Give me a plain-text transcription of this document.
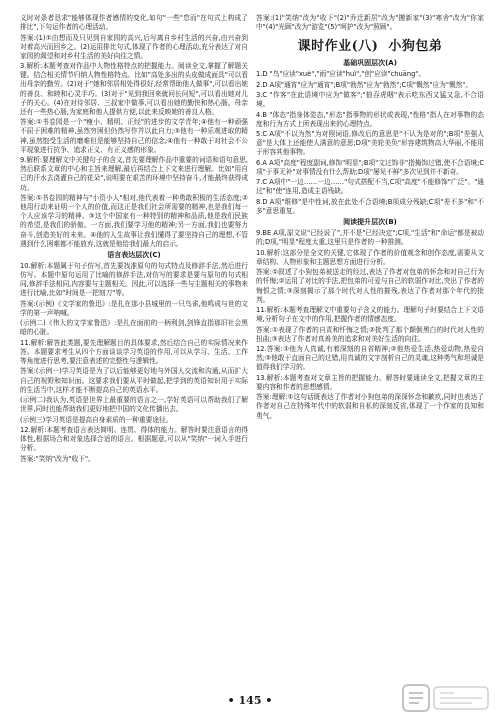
义时对条者恳求"能够体现作者感情的变化,如句"一些"怠而"在句式上构成了排比",下句运作者的心理活动。

答案:(1)①由想而及只见到自家园的高兴,后写离自乡村生活的兴奋,由兴奋到对着高兴而回乡之。(2)运用排比句式,体现了作者的心理活动,充分表达了对自家园的渴望和对乡村生活的美好向往之情。

3.解析:本题考查对作品中人物性格特点的把握能力。阅读全文,掌握了解题关键。结合相关情节归纳人物性格特点。比如"高处多出的头皮做成面具"可以看出母亲的勤劳。(2)对于"她和邻居相处得很好,经常帮助他人做事",可以看出她的善良、和睦和心灵手巧。(3)对于"见到我回来就问长问短",可以看出她对儿子的关心。(4)在对待邻居、三叔家中做事,可以看出她的勤快和热心肠。母亲还有一些热心肠,为家庭和他人提供方便,以此来反映她的善良人格。

答案:①书卷园是一个"瘦小、精明、正经"的进步的文学青年;④他有一种顽强不屈于困难的精神,虽然穷困但仍然写作并以此自力;③他有一种乐观进取的精神,虽然饱受生活的磨难但是能够坚持自己的信念;④他有一种敢于对社会不公平现象进行抗争、追求正义、有正义感的形象。

9.解析:要理解文中关键句子的含义,首先要理解作品中重要的词语和语句意思,然后联系文章的中心和主旨来理解,最后再结合上下文来进行理解。比如"用自己的汗水去浇灌自己的花朵",说明要在艰苦的环境中坚持奋斗,才能最终获得成功。

答案:①书卷园的精神与"小资小人"相对,他代表着一种勇敢积极的生活态度;②他用行动来证明一个人的价值,而这正是我们社会所需要的精神,也是我们每一个人应该学习的精神。③这个中国家有一种特别的精神和品质,他是我们民族的希望,是我们的骄傲。一方面,我们要学习他的精神;另一方面,我们也要努力奋斗,创造美好的未来。④他的人生故事让我们懂得了要坚持自己的理想,不管遇到什么困难都不能放弃,这就是他给我们最大的启示。

语言表达层次(C)

10.解析:本题属于句子仿写,首先要找准原句的句式特点及修辞手法,然后进行仿写。本题中原句运用了比喻的修辞手法,对仿写的要求是要与原句的句式相同,修辞手法相同,内容要与主题相关。因此,可以选择一些与主题相关的事物来进行比喻,比如"时间是一把刻刀"等。

答案:(示例)《文学家的鲁迅》:是扎在那小县城里的一只鸟雀,他鸣成与世的文学的第一声呐喊。

(示例二)《伟大的文学家鲁迅》:是扎在面前的一柄利剑,剑锋直指那旧社会黑暗的心脏。

11.解析:解答此类题,要先理解题目的具体要求,然后结合自己的实际情况来作答。本题要求考生从四个方面谈谈学习英语的作用,可以从学习、生活、工作等角度进行思考,要注意表述的完整性与逻辑性。

答案:(示例一)学习英语是为了以后能够更好地与外国人交流和沟通,从而扩大自己的视野和知识面。这要求我们要从平时做起,把学到的英语知识用于实际的生活当中,这样才能不断提高自己的英语水平。

(示例二)我认为,英语是世界上最重要的语言之一,学好英语可以帮助我们了解世界,同时也能帮助我们更好地把中国的文化传播出去。

(示例三)学习英语是提高自身素质的一种重要途径。

12.解析:本题考查语言表达简明、连贯、得体的能力。解答时要注意语言的得体性,根据场合和对象选择合适的语言。根据题意,可以从"笑纳"一词入手进行分析。

答案:"笑纳"改为"收下"。

答案:(1)"笑纳"改为"收下"(2)"乔迁新居"改为"搬新家"(3)"寒舍"改为"你家中"(4)"光顾"改为"游览"(5)"呵护"改为"照顾"。

课时作业(八) 小狗包弟
基础巩固层次(A)

1.D "鸟"应读"xuè","雨"应读"huì","创"应读"chuāng"。

2.D A项"通宵"应为"通宵";B项"勃然"应为"勃然";C项"慨然"应为"慨然"。

3.C "作客"在此语境中应为"做客";"狼吞虎咽"表示吃东西又猛又急,不合语境。

4.B "体态"指身体姿态,"形态"指事物的形状或表现,"性格"指人在对事物的态度和行为方式上所表现出来的心理特点。

5.C A项"不以为然"为对照词语,修改后的意思是"不认为是对的";B项"差强人意"是大体上还能使人满意的意思;D项"美轮美奂"形容建筑物高大华丽,不能用于形容其他事物。

6.A A项"高度"程度副词,修饰"明显";B项"文过饰非"指掩饰过错,使不合语境;C项"于事无补"对事情没有什么帮助;D项"屡见不鲜"多次见到并不新奇。

7.C A项中"一边……一边……"句式搭配不当,C项"高度"不能修饰"广泛"。"通过"和"使"连用,造成主语残缺。

8.D A项"维修"是中性词,放在此处不合语境;B项成分残缺;C项"差不多"和"不多"意思重复。

阅读提升层次(B)

9.BE A项,原文说"已经说了",并不是"已经决定";C项,"生活"和"命运"都是被动的;D项,"明显"程度太重,这里只是作者的一种推测。

10.解析:这部分是全文的关键,它体现了作者的价值观念和创作态度,需要从文章结构、人物形象和主题思想方面进行分析。

答案:①叙述了小狗包弟被送走的经过,表达了作者对包弟的怀念和对自己行为的忏悔;②运用了对比的手法,把包弟的可爱与自己的软弱作对比,突出了作者的悔恨之情;③深刻揭示了那个时代对人性的摧残,表达了作者对那个年代的批判。

11.解析:本题考查理解文中重要句子含义的能力。理解句子时要结合上下文语境,分析句子在文中的作用,把握作者的情感态度。

答案:①表现了作者的自责和忏悔之情;②批判了那个颠倒黑白的时代对人性的扭曲;③表达了作者对真善美的追求和对美好生活的向往。

12.答案:①他为人真诚,有着深刻的自省精神;②他热爱生活,热爱动物,热爱自然;③他敢于直面自己的过错,用真诚的文字剖析自己的灵魂,这种勇气和坦诚是值得我们学习的。

13.解析:本题考查对文章主旨的把握能力。解答时要通读全文,把握文章的主要内容和作者的思想感情。

答案:理解:①这句话既表达了作者对小狗包弟的深深怀念和歉疚,同时也表达了作者对自己在特殊年代中的软弱和自私的深刻反省,体现了一个作家的良知和勇气。

• 145 •
